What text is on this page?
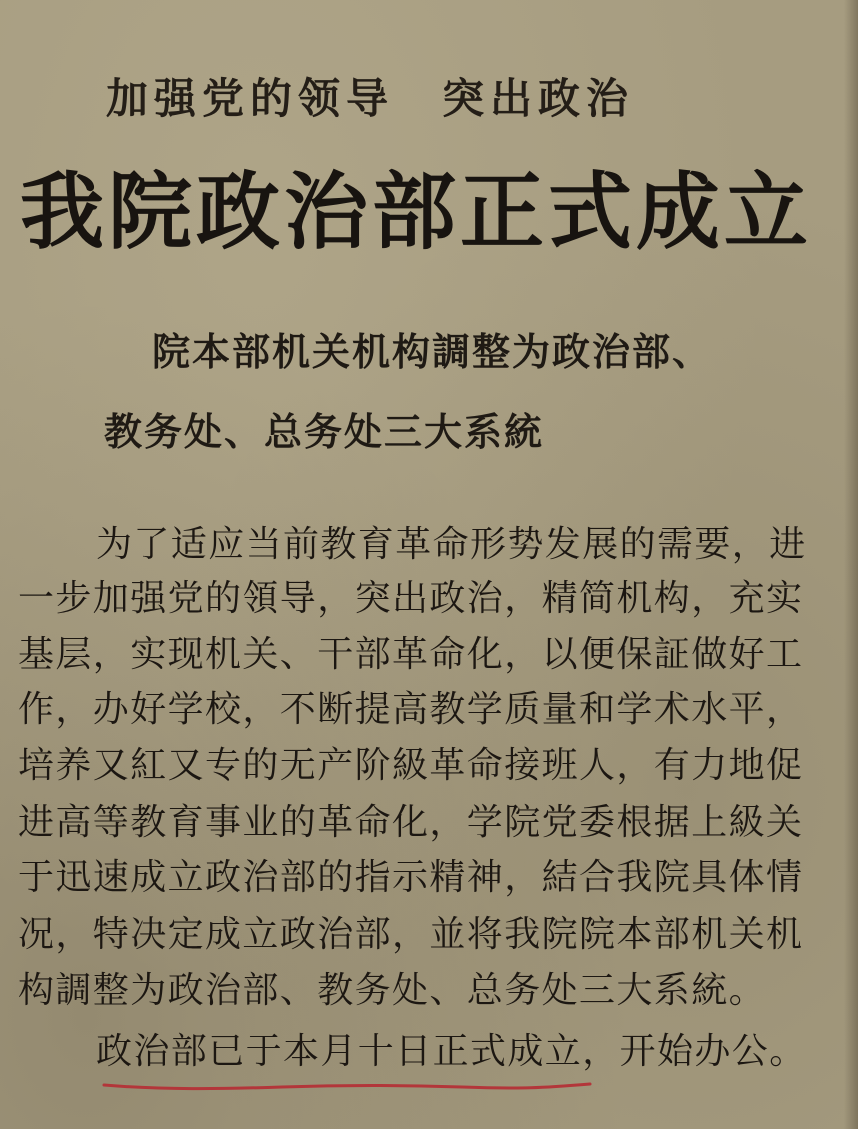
加强党的领导　突出政治
我院政治部正式成立
院本部机关机构調整为政治部、
教务处、总务处三大系統
为了适应当前教育革命形势发展的需要，进
一步加强党的領导，突出政治，精简机构，充实
基层，实现机关、干部革命化，以便保証做好工
作，办好学校，不断提高教学质量和学术水平，
培养又紅又专的无产阶級革命接班人，有力地促
进高等教育事业的革命化，学院党委根据上級关
于迅速成立政治部的指示精神，結合我院具体情
况，特决定成立政治部，並将我院院本部机关机
构調整为政治部、教务处、总务处三大系統。
政治部已于本月十日正式成立，开始办公。
